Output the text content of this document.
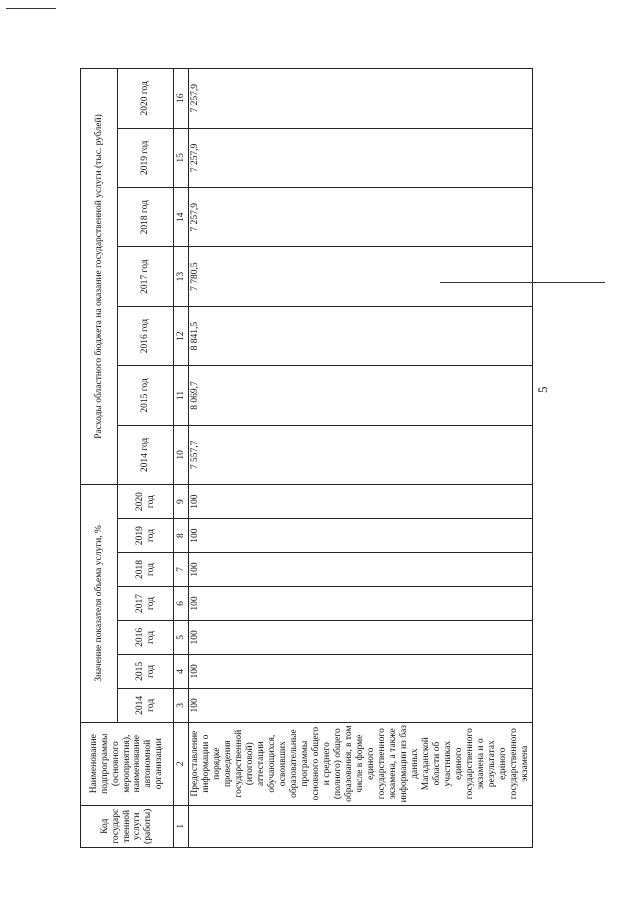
5
Код государс твенной услуги (работы)	Наименование подпрограммы (основного мероприятия), наименование автономной организации	Значение показателя объема услуги, %							Расходы областного бюджета на оказание государственной услуги (тыс. рублей)						
		2014 год	2015 год	2016 год	2017 год	2018 год	2019 год	2020 год	2014 год	2015 год	2016 год	2017 год	2018 год	2019 год	2020 год
1	2	3	4	5	6	7	8	9	10	11	12	13	14	15	16
	Предоставление информации о порядке проведения государственной (итоговой) аттестации обучающихся, освоивших образовательные программы основного общего и среднего (полного) общего образования, в том числе в форме единого государственного экзамена, а также информации из баз данных Магаданской области об участниках единого государственного экзамена и о результатах единого государственного экзамена	100	100	100	100	100	100	100	7 557,7	8 069,7	8 841,5	7 780,5	7 257,9	7 257,9	7 257,9
